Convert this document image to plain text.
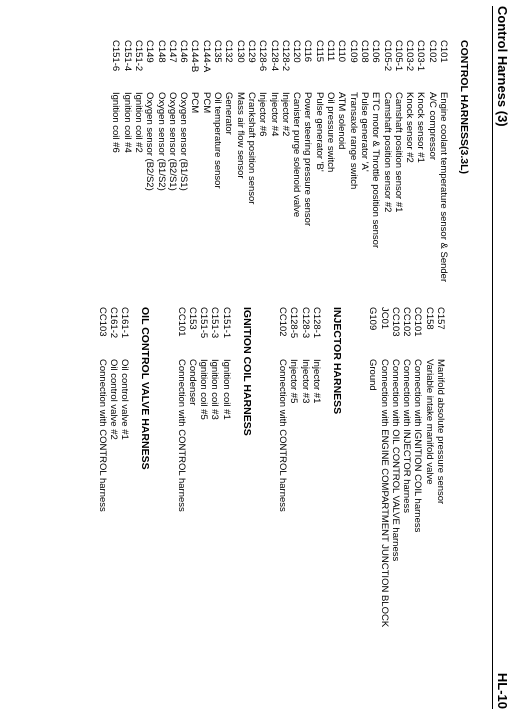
Control Harness (3)
HL-10
CONTROL HARNESS(3.3L)
C101
Engine coolant temperature sensor & Sender
C102
A/C compressor
C103-1
Knock sensor #1
C103-2
Knock sensor #2
C105-1
Camshaft position sensor #1
C105-2
Camshaft position sensor #2
C106
ETC motor & Throttle position sensor
C108
Pulse generator 'A'
C109
Transaxle range switch
C110
ATM solenoid
C111
Oil pressure switch
C115
Pulse generator 'B'
C116
Power steering pressure sensor
C120
Canister purge solenoid valve
C128-2
Injector #2
C128-4
Injector #4
C128-6
Injector #6
C129
Crankshaft position sensor
C130
Mass air flow sensor
C132
Generator
C135
Oil temperature sensor
C144-A
PCM
C144-B
PCM
C146
Oxygen sensor (B1/S1)
C147
Oxygen sensor (B2/S1)
C148
Oxygen sensor (B1/S2)
C149
Oxygen sensor (B2/S2)
C151-2
Ignition coil #2
C151-4
Ignition coil #4
C151-6
Ignition coil #6
C157
Manifold absolute pressure sensor
C158
Variable intake manifold valve
CC101
Connection with IGNITION COIL harness
CC102
Connection with INJECTOR harness
CC103
Connection with OIL CONTROL VALVE harness
JC01
Connection with ENGINE COMPARTMENT JUNCTION BLOCK
G109
Ground
INJECTOR HARNESS
C128-1
Injector #1
C128-3
Injector #3
C128-5
Injector #5
CC102
Connection with CONTROL harness
IGNITION COIL HARNESS
C151-1
Ignition coil #1
C151-3
Ignition coil #3
C151-5
Ignition coil #5
C153
Condenser
CC101
Connection with CONTROL harness
OIL CONTROL VALVE HARNESS
C161-1
Oil control valve #1
C161-2
Oil control valve #2
CC103
Connection with CONTROL harness
